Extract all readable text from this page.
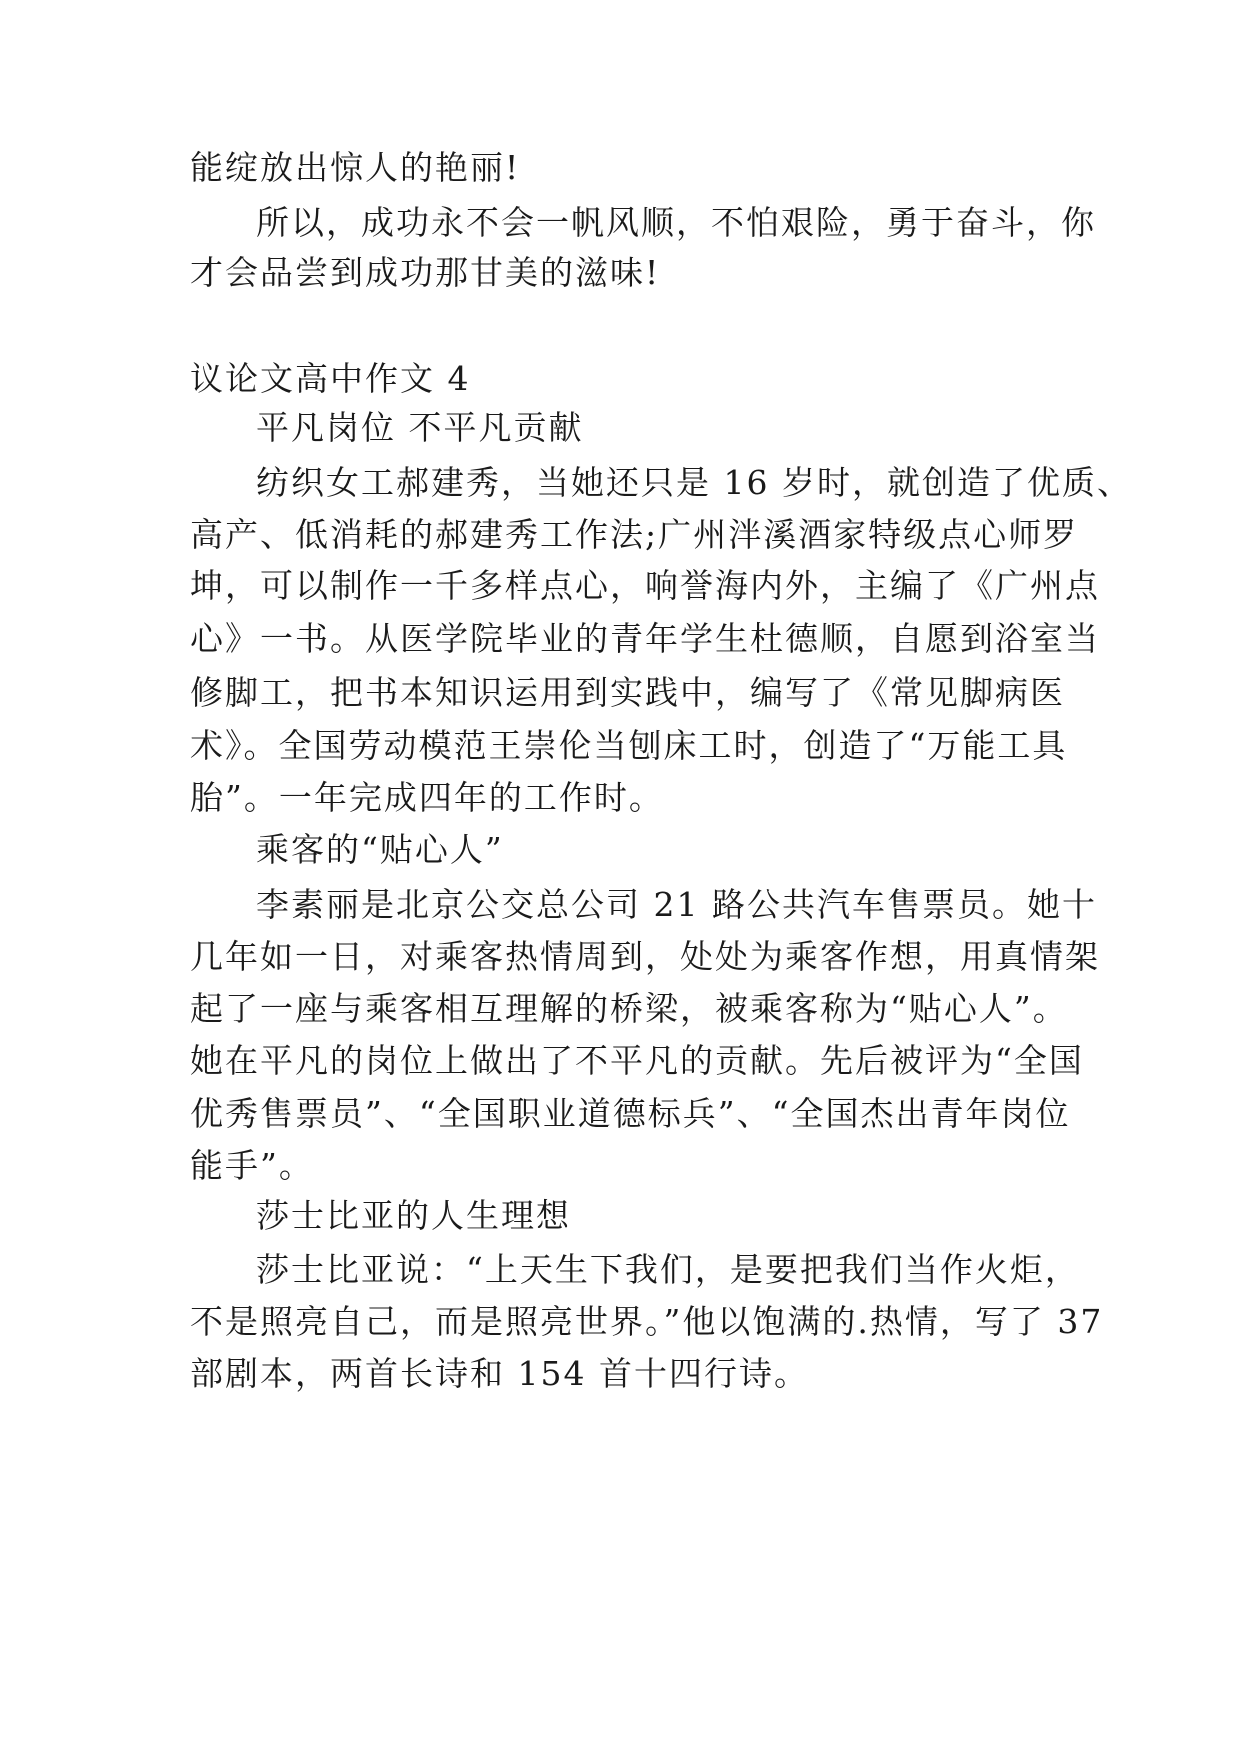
能绽放出惊人的艳丽!
所以，成功永不会一帆风顺，不怕艰险，勇于奋斗，你
才会品尝到成功那甘美的滋味!
议论文高中作文 4
平凡岗位 不平凡贡献
纺织女工郝建秀，当她还只是 16 岁时，就创造了优质、
高产、低消耗的郝建秀工作法;广州泮溪酒家特级点心师罗
坤，可以制作一千多样点心，响誉海内外，主编了《广州点
心》一书。从医学院毕业的青年学生杜德顺，自愿到浴室当
修脚工，把书本知识运用到实践中，编写了《常见脚病医
术》。全国劳动模范王崇伦当刨床工时，创造了“万能工具
胎”。一年完成四年的工作时。
乘客的“贴心人”
李素丽是北京公交总公司 21 路公共汽车售票员。她十
几年如一日，对乘客热情周到，处处为乘客作想，用真情架
起了一座与乘客相互理解的桥梁，被乘客称为“贴心人”。
她在平凡的岗位上做出了不平凡的贡献。先后被评为“全国
优秀售票员”、“全国职业道德标兵”、“全国杰出青年岗位
能手”。
莎士比亚的人生理想
莎士比亚说：“上天生下我们，是要把我们当作火炬，
不是照亮自己，而是照亮世界。”他以饱满的.热情，写了 37
部剧本，两首长诗和 154 首十四行诗。
